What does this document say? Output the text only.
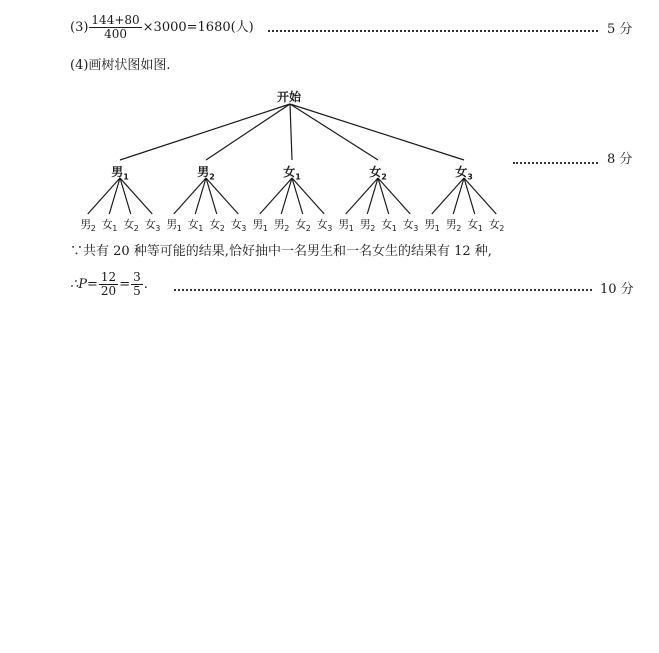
$(3) \frac{144+80}{400} \times 3000=1680$(人)	5 分
(4)画树状图如图.
开始
男$_1$
男$_2$ 女$_1$ 女$_2$ 女$_3$
男$_2$
男$_1$ 女$_1$ 女$_2$ 女$_3$
女$_1$
男$_1$ 男$_2$ 女$_2$ 女$_3$
女$_2$
男$_1$ 男$_2$ 女$_1$ 女$_3$
女$_3$
男$_1$ 男$_2$ 女$_1$ 女$_2$
8 分
∵共有 20 种等可能的结果,恰好抽中一名男生和一名女生的结果有 12 种,
∴P= $\frac{12}{20} = \frac{3}{5}$ .	10 分
